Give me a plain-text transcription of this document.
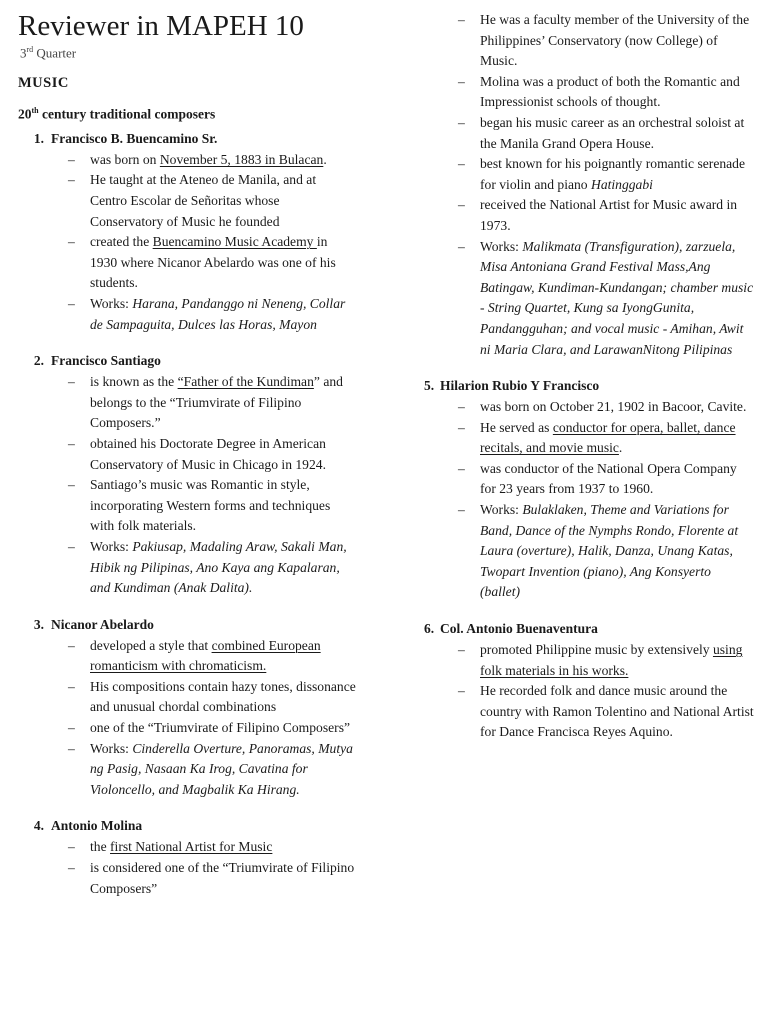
Reviewer in MAPEH 10
3rd Quarter
MUSIC
20th century traditional composers
1. Francisco B. Buencamino Sr.
– was born on November 5, 1883 in Bulacan.
– He taught at the Ateneo de Manila, and at Centro Escolar de Señoritas whose Conservatory of Music he founded
– created the Buencamino Music Academy in 1930 where Nicanor Abelardo was one of his students.
– Works: Harana, Pandanggo ni Neneng, Collar de Sampaguita, Dulces las Horas, Mayon
2. Francisco Santiago
– is known as the “Father of the Kundiman” and belongs to the “Triumvirate of Filipino Composers.”
– obtained his Doctorate Degree in American Conservatory of Music in Chicago in 1924.
– Santiago’s music was Romantic in style, incorporating Western forms and techniques with folk materials.
– Works: Pakiusap, Madaling Araw, Sakali Man, Hibik ng Pilipinas, Ano Kaya ang Kapalaran, and Kundiman (Anak Dalita).
3. Nicanor Abelardo
– developed a style that combined European romanticism with chromaticism.
– His compositions contain hazy tones, dissonance and unusual chordal combinations
– one of the “Triumvirate of Filipino Composers”
– Works: Cinderella Overture, Panoramas, Mutya ng Pasig, Nasaan Ka Irog, Cavatina for Violoncello, and Magbalik Ka Hirang.
4. Antonio Molina
– the first National Artist for Music
– is considered one of the “Triumvirate of Filipino Composers”
– He was a faculty member of the University of the Philippines’ Conservatory (now College) of Music.
– Molina was a product of both the Romantic and Impressionist schools of thought.
– began his music career as an orchestral soloist at the Manila Grand Opera House.
– best known for his poignantly romantic serenade for violin and piano Hatinggabi
– received the National Artist for Music award in 1973.
– Works: Malikmata (Transfiguration), zarzuela, Misa Antoniana Grand Festival Mass,Ang Batingaw, Kundiman-Kundangan; chamber music - String Quartet, Kung sa IyongGunita, Pandangguhan; and vocal music - Amihan, Awit ni Maria Clara, and LarawanNitong Pilipinas
5. Hilarion Rubio Y Francisco
– was born on October 21, 1902 in Bacoor, Cavite.
– He served as conductor for opera, ballet, dance recitals, and movie music.
– was conductor of the National Opera Company for 23 years from 1937 to 1960.
– Works: Bulaklaken, Theme and Variations for Band, Dance of the Nymphs Rondo, Florente at Laura (overture), Halik, Danza, Unang Katas, Twopart Invention (piano), Ang Konsyerto (ballet)
6. Col. Antonio Buenaventura
– promoted Philippine music by extensively using folk materials in his works.
– He recorded folk and dance music around the country with Ramon Tolentino and National Artist for Dance Francisca Reyes Aquino.
